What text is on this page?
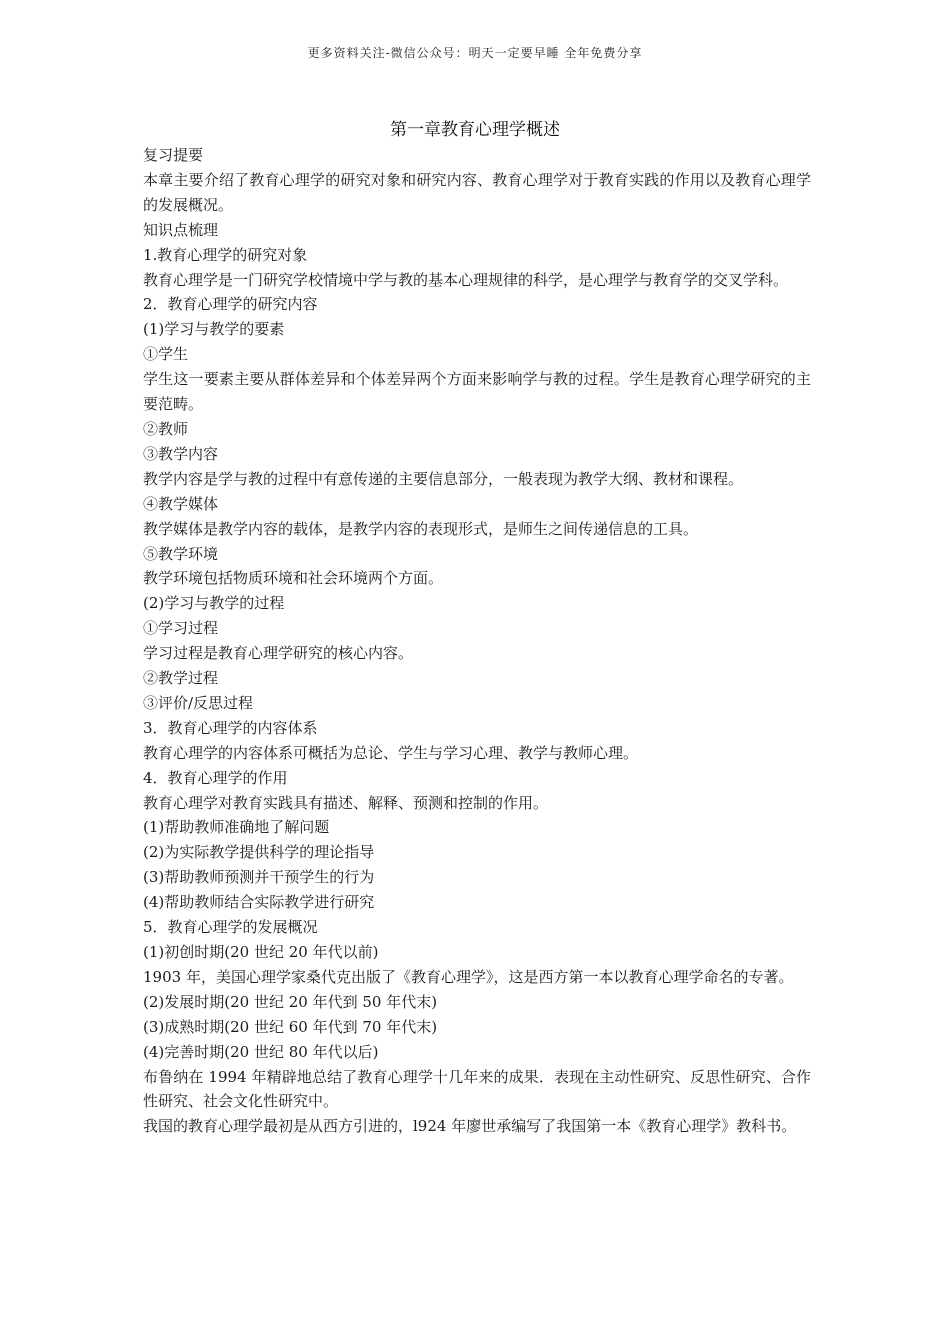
更多资料关注-微信公众号：明天一定要早睡 全年免费分享
第一章教育心理学概述
复习提要
本章主要介绍了教育心理学的研究对象和研究内容、教育心理学对于教育实践的作用以及教育心理学的发展概况。
知识点梳理
1.教育心理学的研究对象
教育心理学是一门研究学校情境中学与教的基本心理规律的科学，是心理学与教育学的交叉学科。
2．教育心理学的研究内容
(1)学习与教学的要素
①学生
学生这一要素主要从群体差异和个体差异两个方面来影响学与教的过程。学生是教育心理学研究的主要范畴。
②教师
③教学内容
教学内容是学与教的过程中有意传递的主要信息部分，一般表现为教学大纲、教材和课程。
④教学媒体
教学媒体是教学内容的载体，是教学内容的表现形式，是师生之间传递信息的工具。
⑤教学环境
教学环境包括物质环境和社会环境两个方面。
(2)学习与教学的过程
①学习过程
学习过程是教育心理学研究的核心内容。
②教学过程
③评价/反思过程
3．教育心理学的内容体系
教育心理学的内容体系可概括为总论、学生与学习心理、教学与教师心理。
4．教育心理学的作用
教育心理学对教育实践具有描述、解释、预测和控制的作用。
(1)帮助教师准确地了解问题
(2)为实际教学提供科学的理论指导
(3)帮助教师预测并干预学生的行为
(4)帮助教师结合实际教学进行研究
5．教育心理学的发展概况
(1)初创时期(20 世纪 20 年代以前)
1903 年，美国心理学家桑代克出版了《教育心理学》，这是西方第一本以教育心理学命名的专著。
(2)发展时期(20 世纪 20 年代到 50 年代末)
(3)成熟时期(20 世纪 60 年代到 70 年代末)
(4)完善时期(20 世纪 80 年代以后)
布鲁纳在 1994 年精辟地总结了教育心理学十几年来的成果．表现在主动性研究、反思性研究、合作性研究、社会文化性研究中。
我国的教育心理学最初是从西方引进的，l924 年廖世承编写了我国第一本《教育心理学》教科书。
